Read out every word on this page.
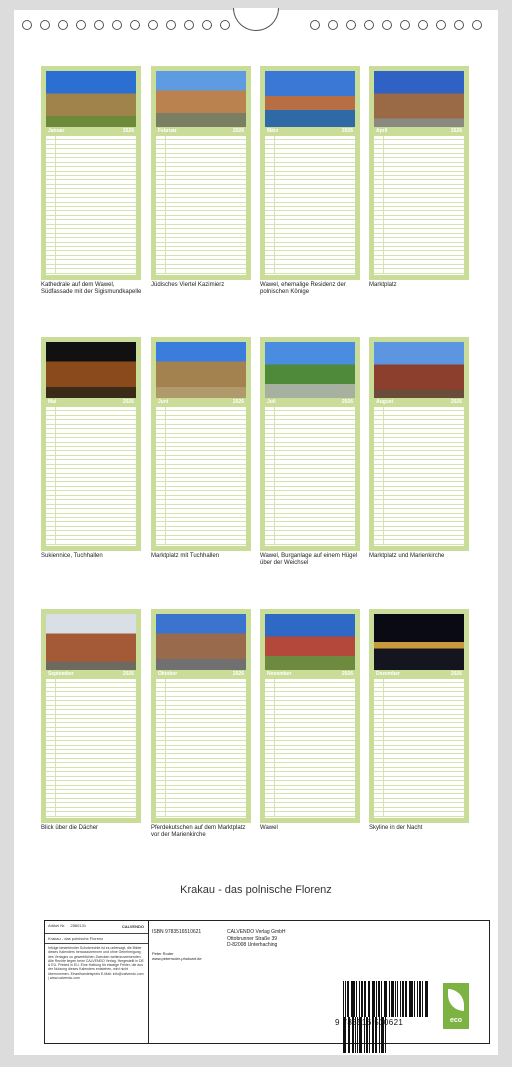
Januar	2026
Kathedrale auf dem Wawel, Südfassade mit der Sigismundkapelle
Februar	2026
Jüdisches Viertel Kazimierz
März	2026
Wawel, ehemalige Residenz der polnischen Könige
April	2026
Marktplatz
Mai	2026
Sukiennice, Tuchhallen
Juni	2026
Marktplatz mit Tuchhallen
Juli	2026
Wawel, Burganlage auf einem Hügel über der Weichsel
August	2026
Marktplatz und Marienkirche
September	2026
Blick über die Dächer
Oktober	2026
Pferdekutschen auf dem Marktplatz vor der Marienkirche
November	2026
Wawel
Dezember	2026
Skyline in der Nacht
Krakau - das polnische Florenz
Artikel Nr. 2560131	CALVENDO
Krakau - das polnische Florenz
Infolge bestehender Schutzrechte ist es untersagt, die Bilder dieses Kalenders herauszutrennen und ohne Genehmigung des Verlages zu gewerblichen Zwecken weiterzuverwenden. Alle Rechte liegen beim CALVENDO Verlag. Hergestellt in DE & EU. Printed in EU. Eine Haftung für etwaige Fehler, die aus der Nutzung dieses Kalenders entstehen, wird nicht übernommen. Einzelhandelspreis E-Mail: info@calvendo.com | www.calvendo.com
ISBN 9783516510621	CALVENDO Verlag GmbH
Ottobrunner Straße 39
D-82008 Unterhaching
Peter Roder
www.peterroder-photoart.de
9 783516 510621	eco
